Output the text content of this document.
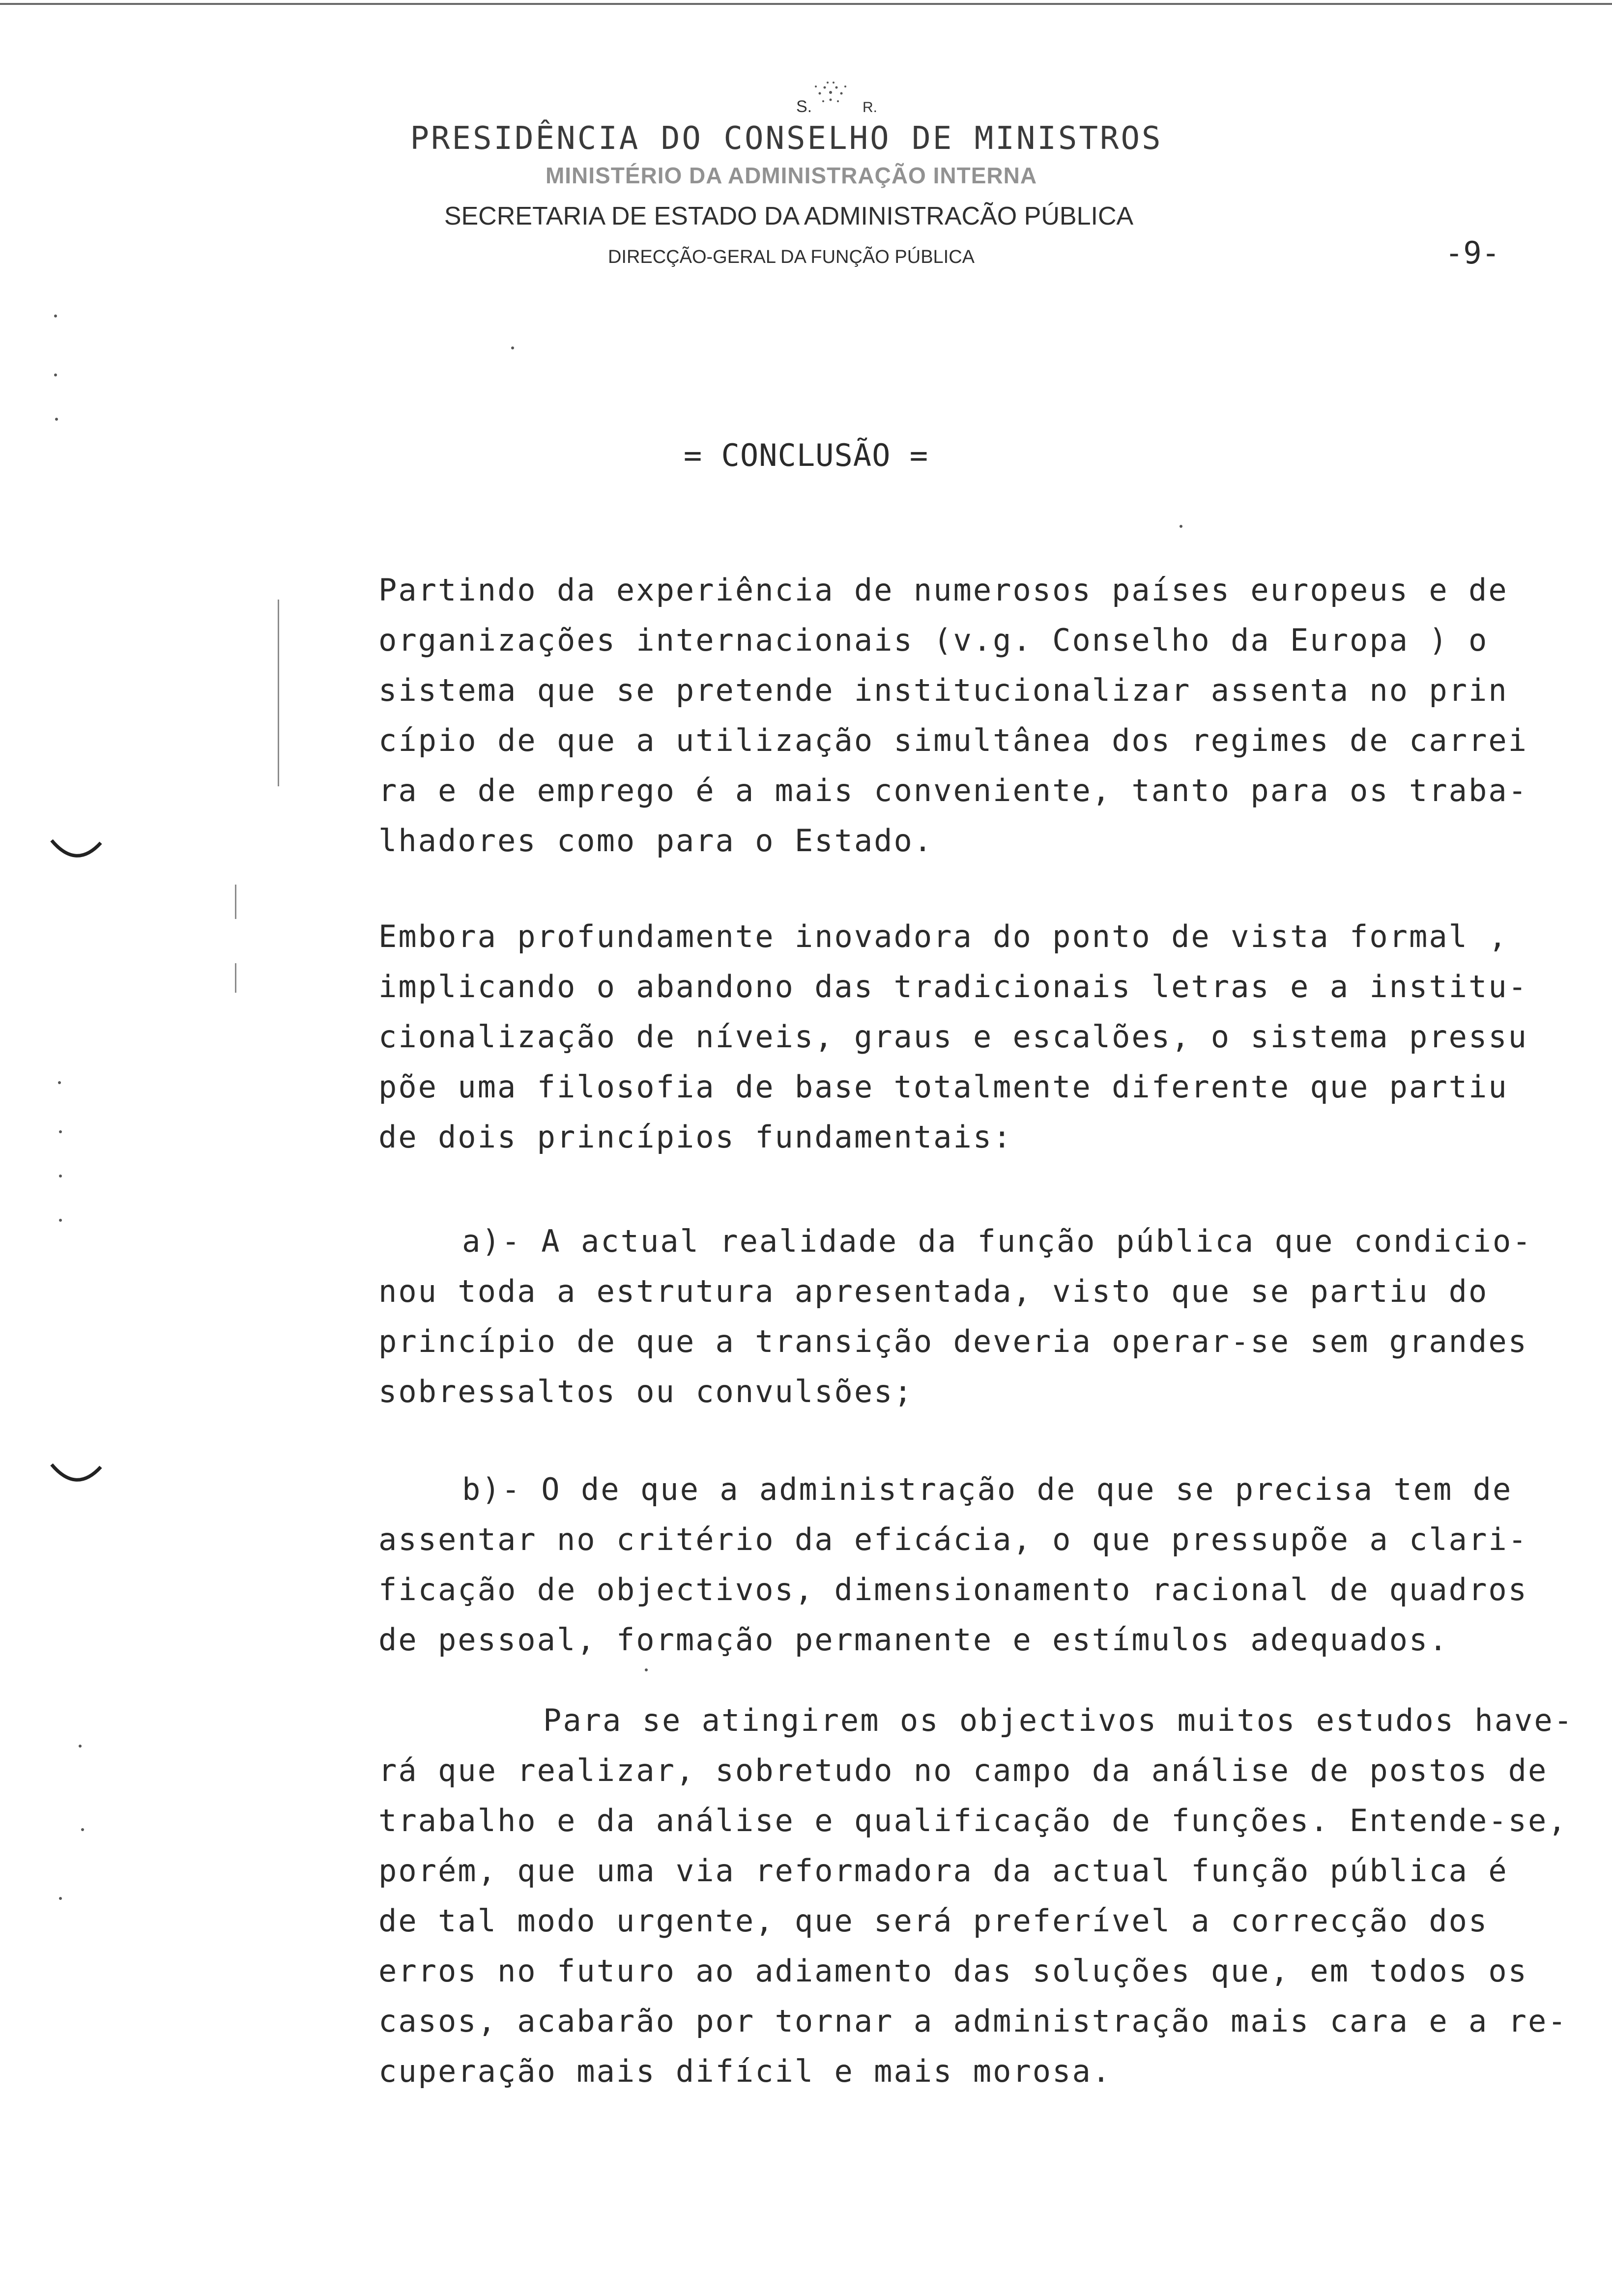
S.	R.
PRESIDÊNCIA DO CONSELHO DE MINISTROS
MINISTÉRIO DA ADMINISTRAÇÃO INTERNA
SECRETARIA DE ESTADO DA ADMINISTRACÃO PÚBLICA
DIRECÇÃO-GERAL DA FUNÇÃO PÚBLICA	-9-
= CONCLUSÃO =
Partindo da experiência de numerosos países europeus e de
organizações internacionais (v.g. Conselho da Europa ) o
sistema que se pretende institucionalizar assenta no prin
cípio de que a utilização simultânea dos regimes de carrei
ra e de emprego é a mais conveniente, tanto para os traba-
lhadores como para o Estado.
Embora profundamente inovadora do ponto de vista formal ,
implicando o abandono das tradicionais letras e a institu-
cionalização de níveis, graus e escalões, o sistema pressu
põe uma filosofia de base totalmente diferente que partiu
de dois princípios fundamentais:
a)- A actual realidade da função pública que condicio-
nou toda a estrutura apresentada, visto que se partiu do
princípio de que a transição deveria operar-se sem grandes
sobressaltos ou convulsões;
b)- O de que a administração de que se precisa tem de
assentar no critério da eficácia, o que pressupõe a clari-
ficação de objectivos, dimensionamento racional de quadros
de pessoal, formação permanente e estímulos adequados.
Para se atingirem os objectivos muitos estudos have-
rá que realizar, sobretudo no campo da análise de postos de
trabalho e da análise e qualificação de funções. Entende-se,
porém, que uma via reformadora da actual função pública é
de tal modo urgente, que será preferível a correcção dos
erros no futuro ao adiamento das soluções que, em todos os
casos, acabarão por tornar a administração mais cara e a re-
cuperação mais difícil e mais morosa.
